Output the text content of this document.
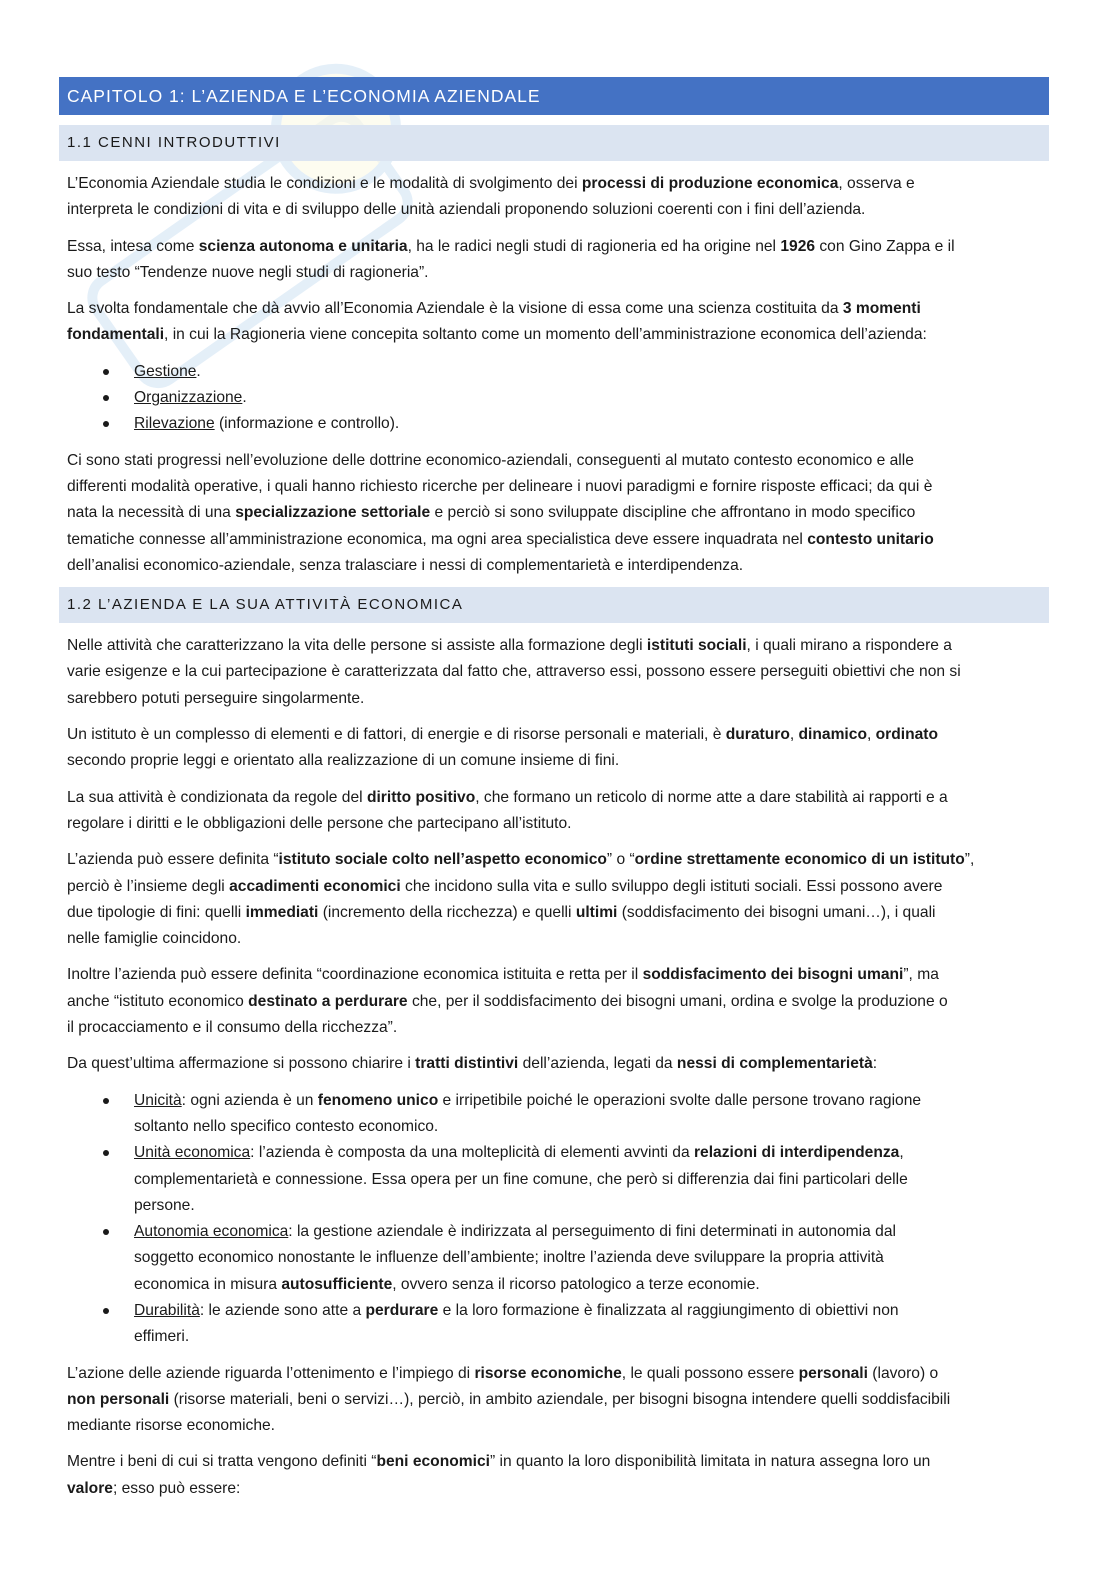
CAPITOLO 1: L’AZIENDA E L’ECONOMIA AZIENDALE
1.1 CENNI INTRODUTTIVI

L’Economia Aziendale studia le condizioni e le modalità di svolgimento dei processi di produzione economica, osserva e
interpreta le condizioni di vita e di sviluppo delle unità aziendali proponendo soluzioni coerenti con i fini dell’azienda.

Essa, intesa come scienza autonoma e unitaria, ha le radici negli studi di ragioneria ed ha origine nel 1926 con Gino Zappa e il
suo testo “Tendenze nuove negli studi di ragioneria”.

La svolta fondamentale che dà avvio all’Economia Aziendale è la visione di essa come una scienza costituita da 3 momenti
fondamentali, in cui la Ragioneria viene concepita soltanto come un momento dell’amministrazione economica dell’azienda:

Gestione.
Organizzazione.
Rilevazione (informazione e controllo).

Ci sono stati progressi nell’evoluzione delle dottrine economico-aziendali, conseguenti al mutato contesto economico e alle
differenti modalità operative, i quali hanno richiesto ricerche per delineare i nuovi paradigmi e fornire risposte efficaci; da qui è
nata la necessità di una specializzazione settoriale e perciò si sono sviluppate discipline che affrontano in modo specifico
tematiche connesse all’amministrazione economica, ma ogni area specialistica deve essere inquadrata nel contesto unitario
dell’analisi economico-aziendale, senza tralasciare i nessi di complementarietà e interdipendenza.

1.2 L’AZIENDA E LA SUA ATTIVITÀ ECONOMICA

Nelle attività che caratterizzano la vita delle persone si assiste alla formazione degli istituti sociali, i quali mirano a rispondere a
varie esigenze e la cui partecipazione è caratterizzata dal fatto che, attraverso essi, possono essere perseguiti obiettivi che non si
sarebbero potuti perseguire singolarmente.

Un istituto è un complesso di elementi e di fattori, di energie e di risorse personali e materiali, è duraturo, dinamico, ordinato
secondo proprie leggi e orientato alla realizzazione di un comune insieme di fini.

La sua attività è condizionata da regole del diritto positivo, che formano un reticolo di norme atte a dare stabilità ai rapporti e a
regolare i diritti e le obbligazioni delle persone che partecipano all’istituto.

L’azienda può essere definita “istituto sociale colto nell’aspetto economico” o “ordine strettamente economico di un istituto”,
perciò è l’insieme degli accadimenti economici che incidono sulla vita e sullo sviluppo degli istituti sociali. Essi possono avere
due tipologie di fini: quelli immediati (incremento della ricchezza) e quelli ultimi (soddisfacimento dei bisogni umani…), i quali
nelle famiglie coincidono.

Inoltre l’azienda può essere definita “coordinazione economica istituita e retta per il soddisfacimento dei bisogni umani”, ma
anche “istituto economico destinato a perdurare che, per il soddisfacimento dei bisogni umani, ordina e svolge la produzione o
il procacciamento e il consumo della ricchezza”.

Da quest’ultima affermazione si possono chiarire i tratti distintivi dell’azienda, legati da nessi di complementarietà:

Unicità: ogni azienda è un fenomeno unico e irripetibile poiché le operazioni svolte dalle persone trovano ragione
soltanto nello specifico contesto economico.
Unità economica: l’azienda è composta da una molteplicità di elementi avvinti da relazioni di interdipendenza,
complementarietà e connessione. Essa opera per un fine comune, che però si differenzia dai fini particolari delle
persone.
Autonomia economica: la gestione aziendale è indirizzata al perseguimento di fini determinati in autonomia dal
soggetto economico nonostante le influenze dell’ambiente; inoltre l’azienda deve sviluppare la propria attività
economica in misura autosufficiente, ovvero senza il ricorso patologico a terze economie.
Durabilità: le aziende sono atte a perdurare e la loro formazione è finalizzata al raggiungimento di obiettivi non
effimeri.

L’azione delle aziende riguarda l’ottenimento e l’impiego di risorse economiche, le quali possono essere personali (lavoro) o
non personali (risorse materiali, beni o servizi…), perciò, in ambito aziendale, per bisogni bisogna intendere quelli soddisfacibili
mediante risorse economiche.

Mentre i beni di cui si tratta vengono definiti “beni economici” in quanto la loro disponibilità limitata in natura assegna loro un
valore; esso può essere:
